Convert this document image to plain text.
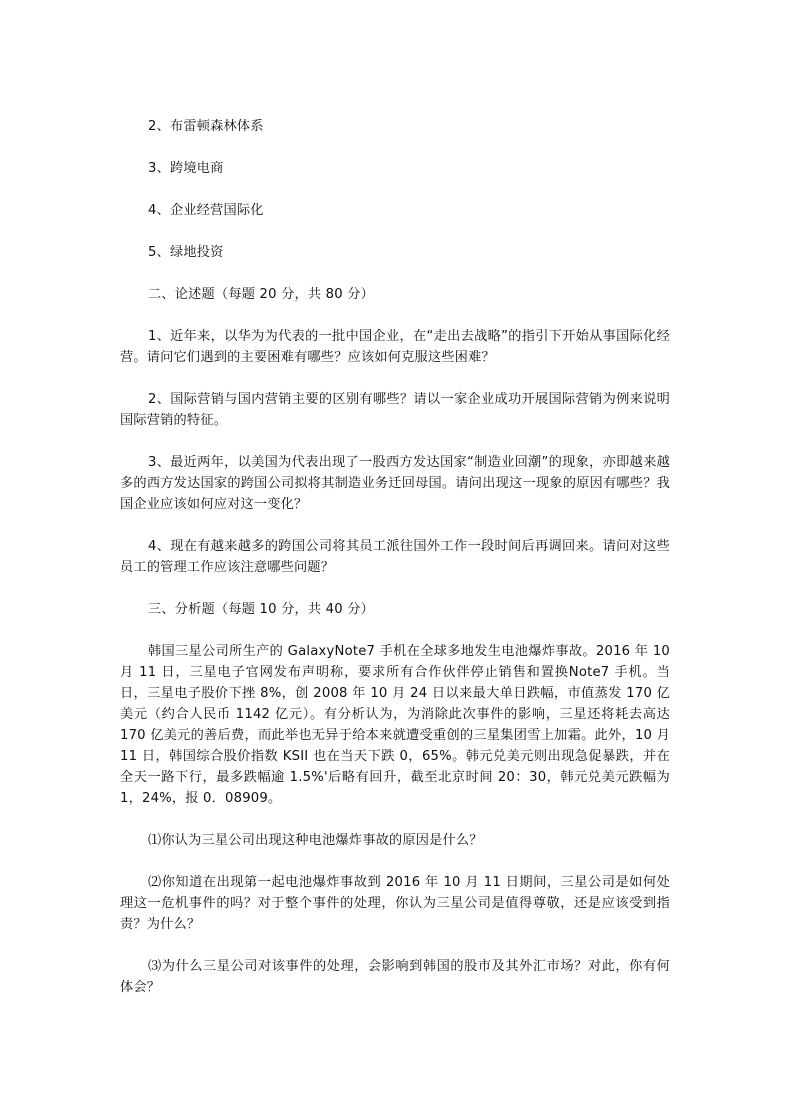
2、布雷顿森林体系

3、跨境电商

4、企业经营国际化

5、绿地投资

二、论述题（每题 20 分，共 80 分）

1、近年来，以华为为代表的一批中国企业，在“走出去战略”的指引下开始从事国际化经营。请问它们遇到的主要困难有哪些？应该如何克服这些困难？

2、国际营销与国内营销主要的区别有哪些？请以一家企业成功开展国际营销为例来说明国际营销的特征。

3、最近两年，以美国为代表出现了一股西方发达国家“制造业回潮”的现象，亦即越来越多的西方发达国家的跨国公司拟将其制造业务迁回母国。请问出现这一现象的原因有哪些？我国企业应该如何应对这一变化？

4、现在有越来越多的跨国公司将其员工派往国外工作一段时间后再调回来。请问对这些员工的管理工作应该注意哪些问题？

三、分析题（每题 10 分，共 40 分）

韩国三星公司所生产的 GalaxyNote7 手机在全球多地发生电池爆炸事故。2016 年 10 月 11 日，三星电子官网发布声明称，要求所有合作伙伴停止销售和置换Note7 手机。当日，三星电子股价下挫 8%，创 2008 年 10 月 24 日以来最大单日跌幅，市值蒸发 170 亿美元（约合人民币 1142 亿元）。有分析认为，为消除此次事件的影响，三星还将耗去高达 170 亿美元的善后费，而此举也无异于给本来就遭受重创的三星集团雪上加霜。此外，10 月 11 日，韩国综合股价指数 KSII 也在当天下跌 0，65%。韩元兑美元则出现急促暴跌，并在全天一路下行，最多跌幅逾 1.5%'后略有回升，截至北京时间 20：30，韩元兑美元跌幅为 1，24%，报 0．08909。

⑴你认为三星公司出现这种电池爆炸事故的原因是什么？

⑵你知道在出现第一起电池爆炸事故到 2016 年 10 月 11 日期间，三星公司是如何处理这一危机事件的吗？对于整个事件的处理，你认为三星公司是值得尊敬，还是应该受到指责？为什么？

⑶为什么三星公司对该事件的处理，会影响到韩国的股市及其外汇市场？对此，你有何体会？
